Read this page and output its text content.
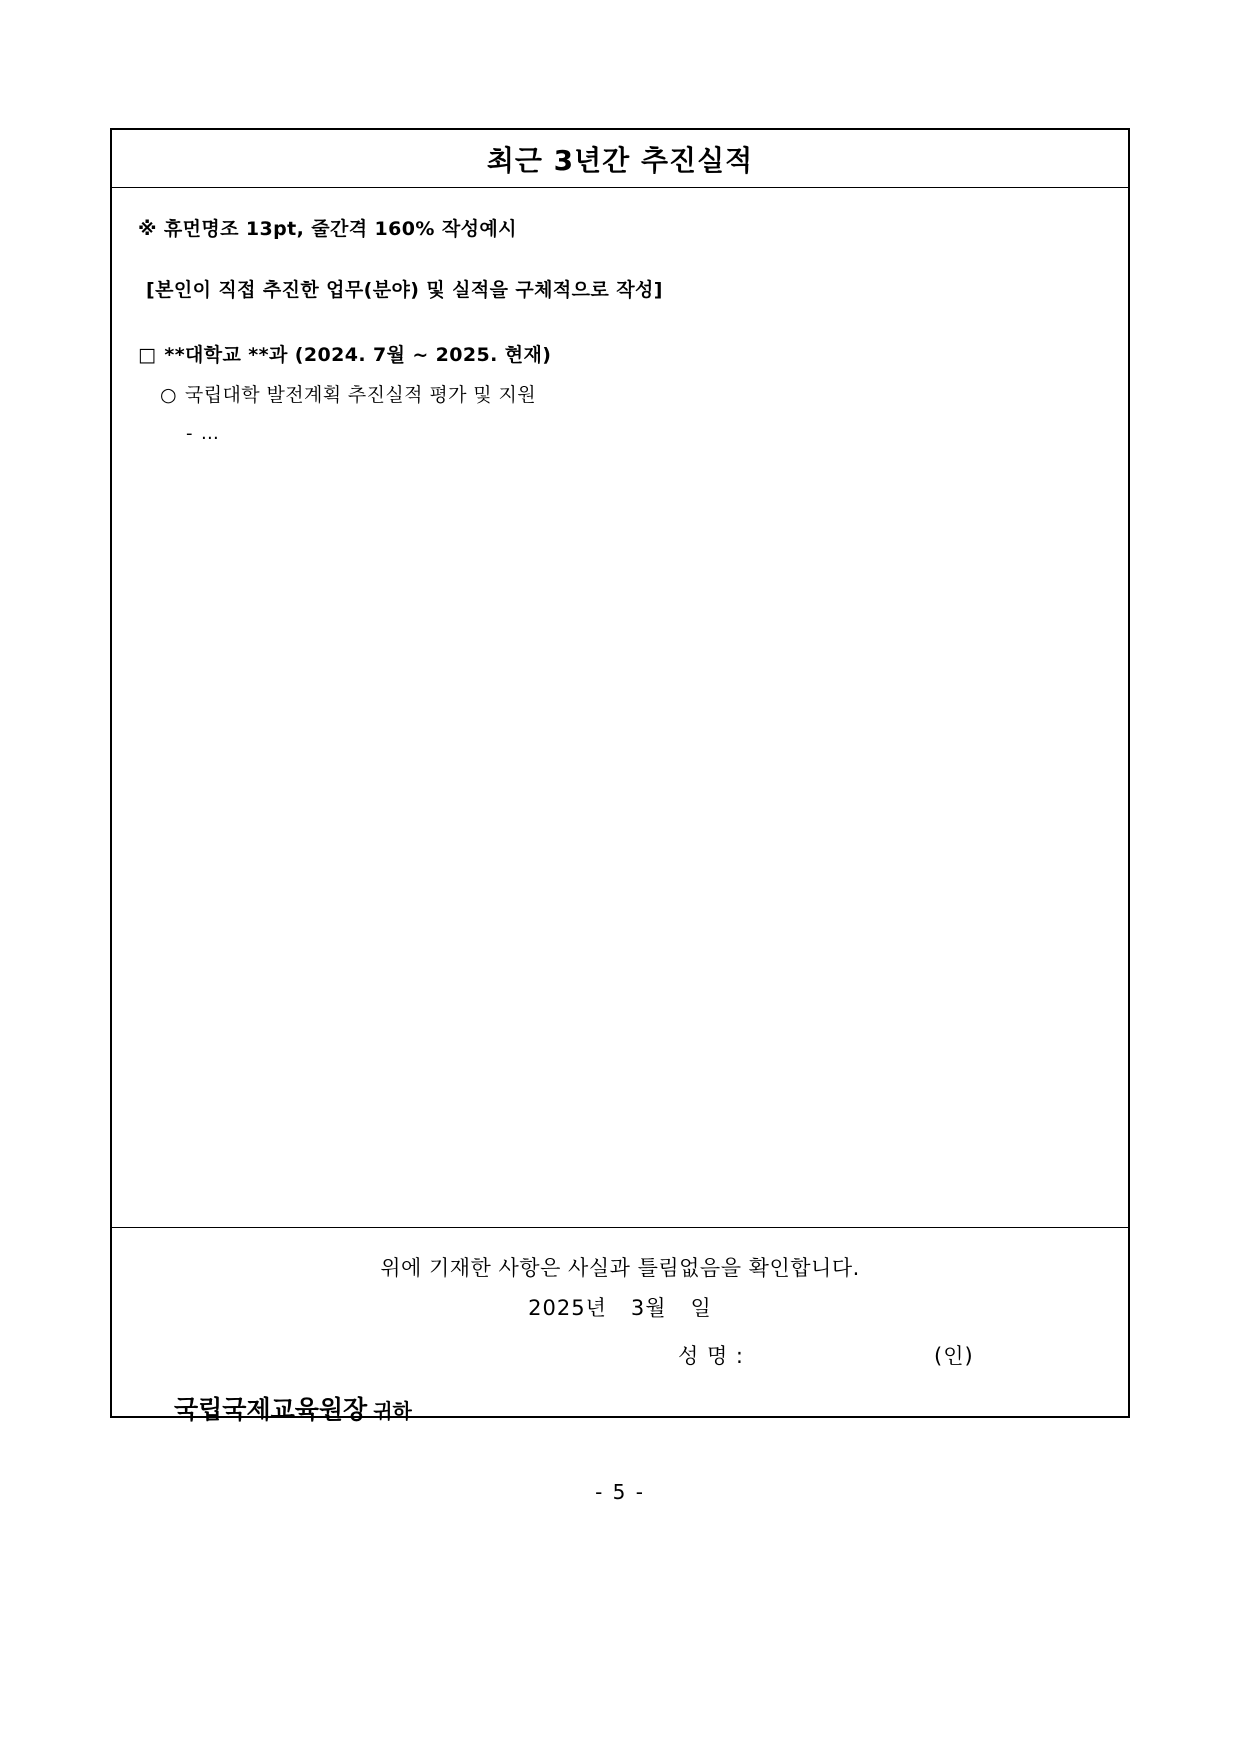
최근 3년간 추진실적

※ 휴먼명조 13pt, 줄간격 160% 작성예시

[본인이 직접 추진한 업무(분야) 및 실적을 구체적으로 작성]

□ **대학교 **과 (2024. 7월 ~ 2025. 현재)

○ 국립대학 발전계획 추진실적 평가 및 지원

- …

위에 기재한 사항은 사실과 틀림없음을 확인합니다.
2025년 3월 일
성 명 :	(인)
국립국제교육원장 귀하
- 5 -
